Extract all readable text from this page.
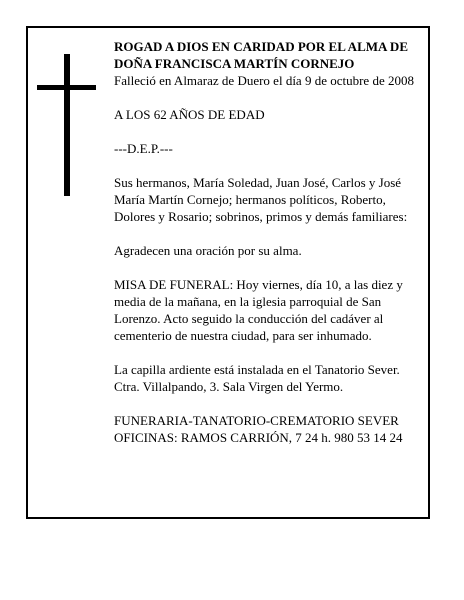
ROGAD A DIOS EN CARIDAD POR EL ALMA DE

DOÑA FRANCISCA MARTÍN CORNEJO

Falleció en Almaraz de Duero el día 9 de octubre de 2008

A LOS 62 AÑOS DE EDAD

---D.E.P.---

Sus hermanos, María Soledad, Juan José, Carlos y José María Martín Cornejo; hermanos políticos, Roberto, Dolores y Rosario; sobrinos, primos y demás familiares:

Agradecen una oración por su alma.

MISA DE FUNERAL: Hoy viernes, día 10, a las diez y media de la mañana, en la iglesia parroquial de San Lorenzo. Acto seguido la conducción del cadáver al cementerio de nuestra ciudad, para ser inhumado.

La capilla ardiente está instalada en el Tanatorio Sever. Ctra. Villalpando, 3. Sala Virgen del Yermo.

FUNERARIA-TANATORIO-CREMATORIO SEVER

OFICINAS: RAMOS CARRIÓN, 7 24 h. 980 53 14 24
